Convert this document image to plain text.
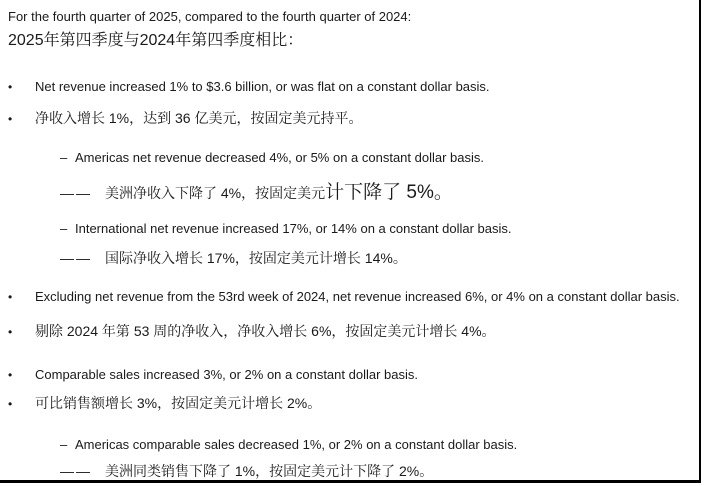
For the fourth quarter of 2025, compared to the fourth quarter of 2024:
2025年第四季度与2024年第四季度相比：
•	Net revenue increased 1% to $3.6 billion, or was flat on a constant dollar basis.
•	净收入增长 1%，达到 36 亿美元，按固定美元持平。
– Americas net revenue decreased 4%, or 5% on a constant dollar basis.
—— 美洲净收入下降了 4%，按固定美元计下降了 5%。
– International net revenue increased 17%, or 14% on a constant dollar basis.
—— 国际净收入增长 17%，按固定美元计增长 14%。
•	Excluding net revenue from the 53rd week of 2024, net revenue increased 6%, or 4% on a constant dollar basis.
•	剔除 2024 年第 53 周的净收入，净收入增长 6%，按固定美元计增长 4%。
•	Comparable sales increased 3%, or 2% on a constant dollar basis.
•	可比销售额增长 3%，按固定美元计增长 2%。
– Americas comparable sales decreased 1%, or 2% on a constant dollar basis.
—— 美洲同类销售下降了 1%，按固定美元计下降了 2%。
